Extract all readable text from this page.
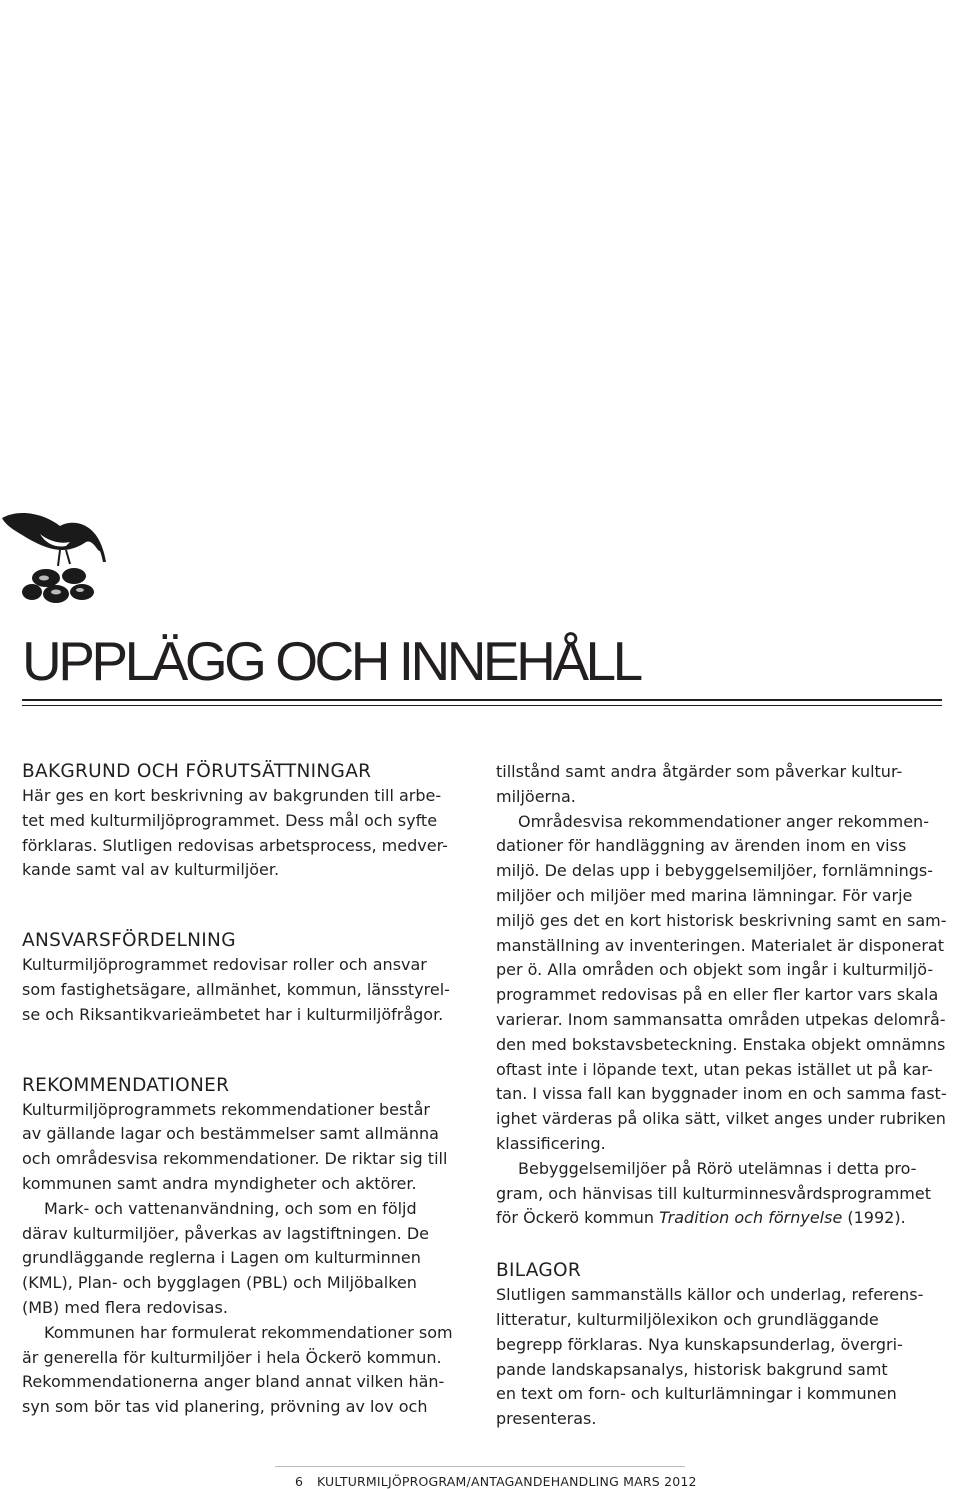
UPPLÄGG OCH INNEHÅLL
BAKGRUND OCH FÖRUTSÄTTNINGAR

Här ges en kort beskrivning av bakgrunden till arbe-
tet med kulturmiljöprogrammet. Dess mål och syfte
förklaras. Slutligen redovisas arbetsprocess, medver-
kande samt val av kulturmiljöer.

ANSVARSFÖRDELNING

Kulturmiljöprogrammet redovisar roller och ansvar
som fastighetsägare, allmänhet, kommun, länsstyrel-
se och Riksantikvarieämbetet har i kulturmiljöfrågor.

REKOMMENDATIONER

Kulturmiljöprogrammets rekommendationer består
av gällande lagar och bestämmelser samt allmänna
och områdesvisa rekommendationer. De riktar sig till
kommunen samt andra myndigheter och aktörer.

Mark- och vattenanvändning, och som en följd
därav kulturmiljöer, påverkas av lagstiftningen. De
grundläggande reglerna i Lagen om kulturminnen
(KML), Plan- och bygglagen (PBL) och Miljöbalken
(MB) med flera redovisas.

Kommunen har formulerat rekommendationer som
är generella för kulturmiljöer i hela Öckerö kommun.
Rekommendationerna anger bland annat vilken hän-
syn som bör tas vid planering, prövning av lov och

tillstånd samt andra åtgärder som påverkar kultur-
miljöerna.

Områdesvisa rekommendationer anger rekommen-
dationer för handläggning av ärenden inom en viss
miljö. De delas upp i bebyggelsemiljöer, fornlämnings-
miljöer och miljöer med marina lämningar. För varje
miljö ges det en kort historisk beskrivning samt en sam-
manställning av inventeringen. Materialet är disponerat
per ö. Alla områden och objekt som ingår i kulturmiljö-
programmet redovisas på en eller fler kartor vars skala
varierar. Inom sammansatta områden utpekas delområ-
den med bokstavsbeteckning. Enstaka objekt omnämns
oftast inte i löpande text, utan pekas istället ut på kar-
tan. I vissa fall kan byggnader inom en och samma fast-
ighet värderas på olika sätt, vilket anges under rubriken
klassificering.

Bebyggelsemiljöer på Rörö utelämnas i detta pro-
gram, och hänvisas till kulturminnesvårdsprogrammet
för Öckerö kommun Tradition och förnyelse (1992).

BILAGOR

Slutligen sammanställs källor och underlag, referens-
litteratur, kulturmiljölexikon och grundläggande
begrepp förklaras. Nya kunskapsunderlag, övergri-
pande landskapsanalys, historisk bakgrund samt
en text om forn- och kulturlämningar i kommunen
presenteras.

6 KULTURMILJÖPROGRAM/ANTAGANDEHANDLING MARS 2012
